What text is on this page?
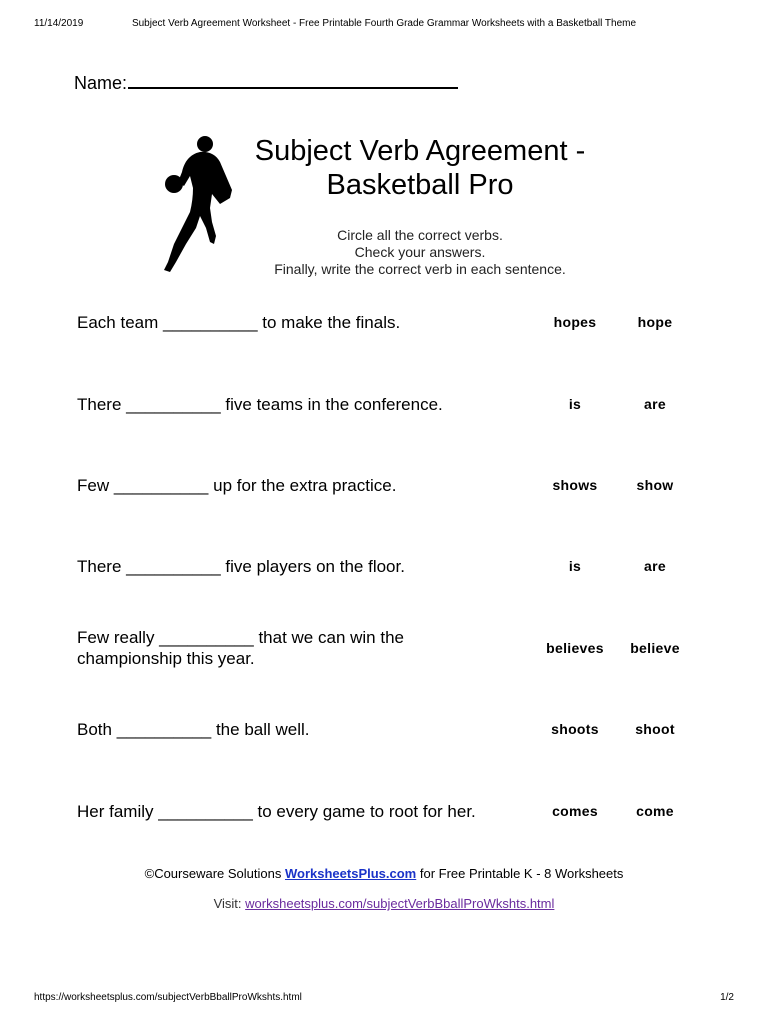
11/14/2019	Subject Verb Agreement Worksheet - Free Printable Fourth Grade Grammar Worksheets with a Basketball Theme
Name:
Subject Verb Agreement -
Basketball Pro
Circle all the correct verbs.
Check your answers.
Finally, write the correct verb in each sentence.
Each team __________ to make the finals.	hopes	hope
There __________ five teams in the conference.	is	are
Few __________ up for the extra practice.	shows	show
There __________ five players on the floor.	is	are
Few really __________ that we can win the championship this year.
believes	believe
Both __________ the ball well.	shoots	shoot
Her family __________ to every game to root for her.	comes	come
©Courseware Solutions WorksheetsPlus.com for Free Printable K - 8 Worksheets
Visit: worksheetsplus.com/subjectVerbBballProWkshts.html
https://worksheetsplus.com/subjectVerbBballProWkshts.html	1/2
